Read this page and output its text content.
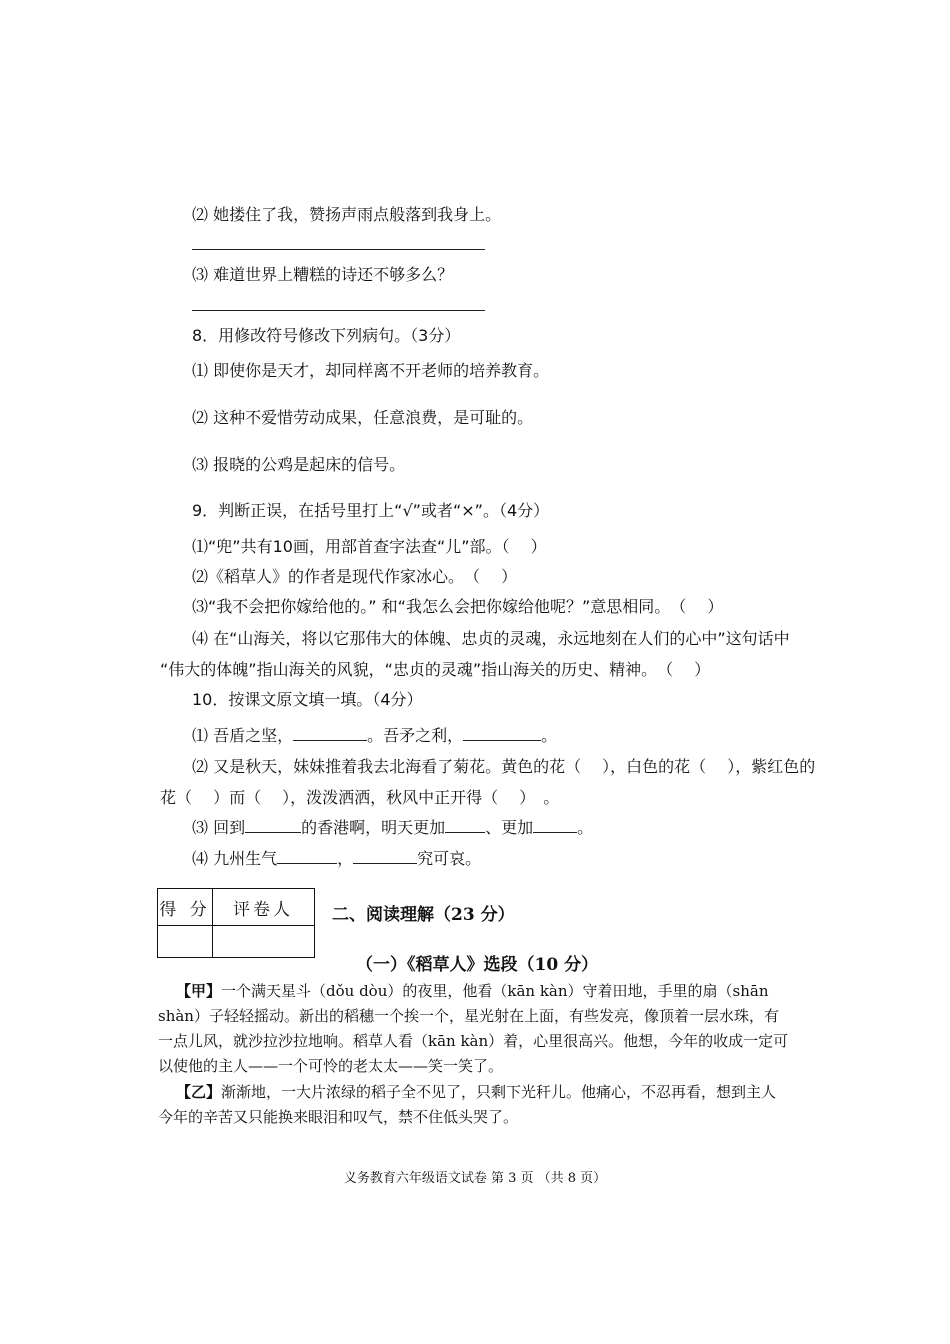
⑵ 她搂住了我，赞扬声雨点般落到我身上。
⑶ 难道世界上糟糕的诗还不够多么？
8．用修改符号修改下列病句。（3分）
⑴ 即使你是天才，却同样离不开老师的培养教育。
⑵ 这种不爱惜劳动成果，任意浪费，是可耻的。
⑶ 报晓的公鸡是起床的信号。
9．判断正误，在括号里打上“√”或者“×”。（4分）
⑴“兜”共有10画，用部首查字法查“儿”部。（　 ）
⑵《稻草人》的作者是现代作家冰心。　（　 ）
⑶“我不会把你嫁给他的。” 和“我怎么会把你嫁给他呢？”意思相同。　（　 ）
⑷ 在“山海关，将以它那伟大的体魄、忠贞的灵魂，永远地刻在人们的心中”这句话中
“伟大的体魄”指山海关的风貌，“忠贞的灵魂”指山海关的历史、精神。　（　 ）
10．按课文原文填一填。（4分）
⑴ 吾盾之坚，	。吾矛之利，	。
⑵ 又是秋天，妹妹推着我去北海看了菊花。黄色的花（　 ），白色的花（　 ），紫红色的
花（　 ）而（　 ），泼泼洒洒，秋风中正开得（　 ）　。
⑶ 回到	的香港啊，明天更加	、更加	。
⑷ 九州生气	，	究可哀。
得 分	评卷人	二、阅读理解（23 分）
（一）《稻草人》选段（10 分）
【甲】一个满天星斗（dǒu dòu）的夜里，他看（kān kàn）守着田地，手里的扇（shān
shàn）子轻轻摇动。新出的稻穗一个挨一个，星光射在上面，有些发亮，像顶着一层水珠，有
一点儿风，就沙拉沙拉地响。稻草人看（kān kàn）着，心里很高兴。他想，今年的收成一定可
以使他的主人——一个可怜的老太太——笑一笑了。
【乙】渐渐地，一大片浓绿的稻子全不见了，只剩下光秆儿。他痛心，不忍再看，想到主人
今年的辛苦又只能换来眼泪和叹气，禁不住低头哭了。
义务教育六年级语文试卷 第 3 页 （共 8 页）
